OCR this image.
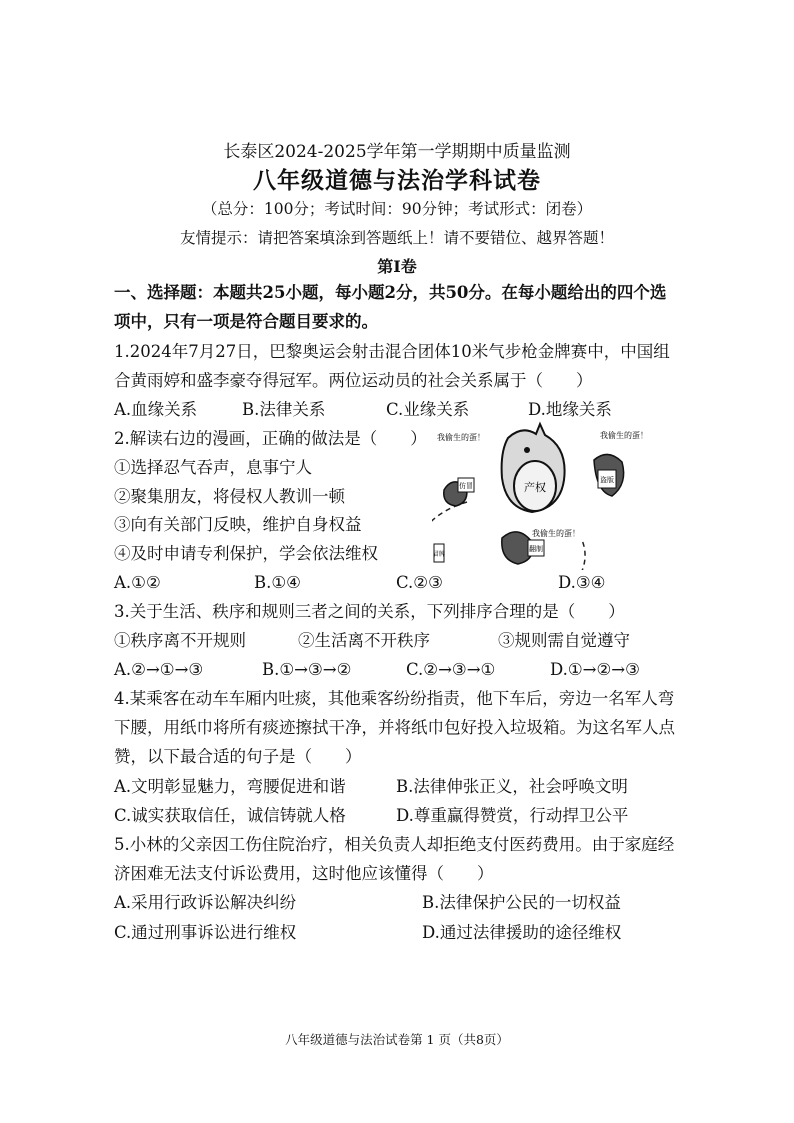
长泰区2024-2025学年第一学期期中质量监测
八年级道德与法治学科试卷
（总分：100分；考试时间：90分钟；考试形式：闭卷）
友情提示：请把答案填涂到答题纸上！请不要错位、越界答题！
第Ⅰ卷
一、选择题：本题共25小题，每小题2分，共50分。在每小题给出的四个选
项中，只有一项是符合题目要求的。
1.2024年7月27日，巴黎奥运会射击混合团体10米气步枪金牌赛中，中国组
合黄雨婷和盛李豪夺得冠军。两位运动员的社会关系属于（　　）
A.血缘关系	B.法律关系	C.业缘关系	D.地缘关系
2.解读右边的漫画，正确的做法是（　　）
①选择忍气吞声，息事宁人
②聚集朋友，将侵权人教训一顿
③向有关部门反映，维护自身权益
④及时申请专利保护，学会依法维权
产权
我偷生的蛋！	我偷生的蛋！
我偷生的蛋！
仿冒
盗版
翻制
冒牌
A.①②	B.①④	C.②③	D.③④
3.关于生活、秩序和规则三者之间的关系，下列排序合理的是（　　）
①秩序离不开规则	②生活离不开秩序	③规则需自觉遵守
A.②→①→③	B.①→③→②	C.②→③→①	D.①→②→③
4.某乘客在动车车厢内吐痰，其他乘客纷纷指责，他下车后，旁边一名军人弯
下腰，用纸巾将所有痰迹擦拭干净，并将纸巾包好投入垃圾箱。为这名军人点
赞，以下最合适的句子是（　　）
A.文明彰显魅力，弯腰促进和谐	B.法律伸张正义，社会呼唤文明
C.诚实获取信任，诚信铸就人格	D.尊重赢得赞赏，行动捍卫公平
5.小林的父亲因工伤住院治疗，相关负责人却拒绝支付医药费用。由于家庭经
济困难无法支付诉讼费用，这时他应该懂得（　　）
A.采用行政诉讼解决纠纷	B.法律保护公民的一切权益
C.通过刑事诉讼进行维权	D.通过法律援助的途径维权
八年级道德与法治试卷第 1 页（共8页）
